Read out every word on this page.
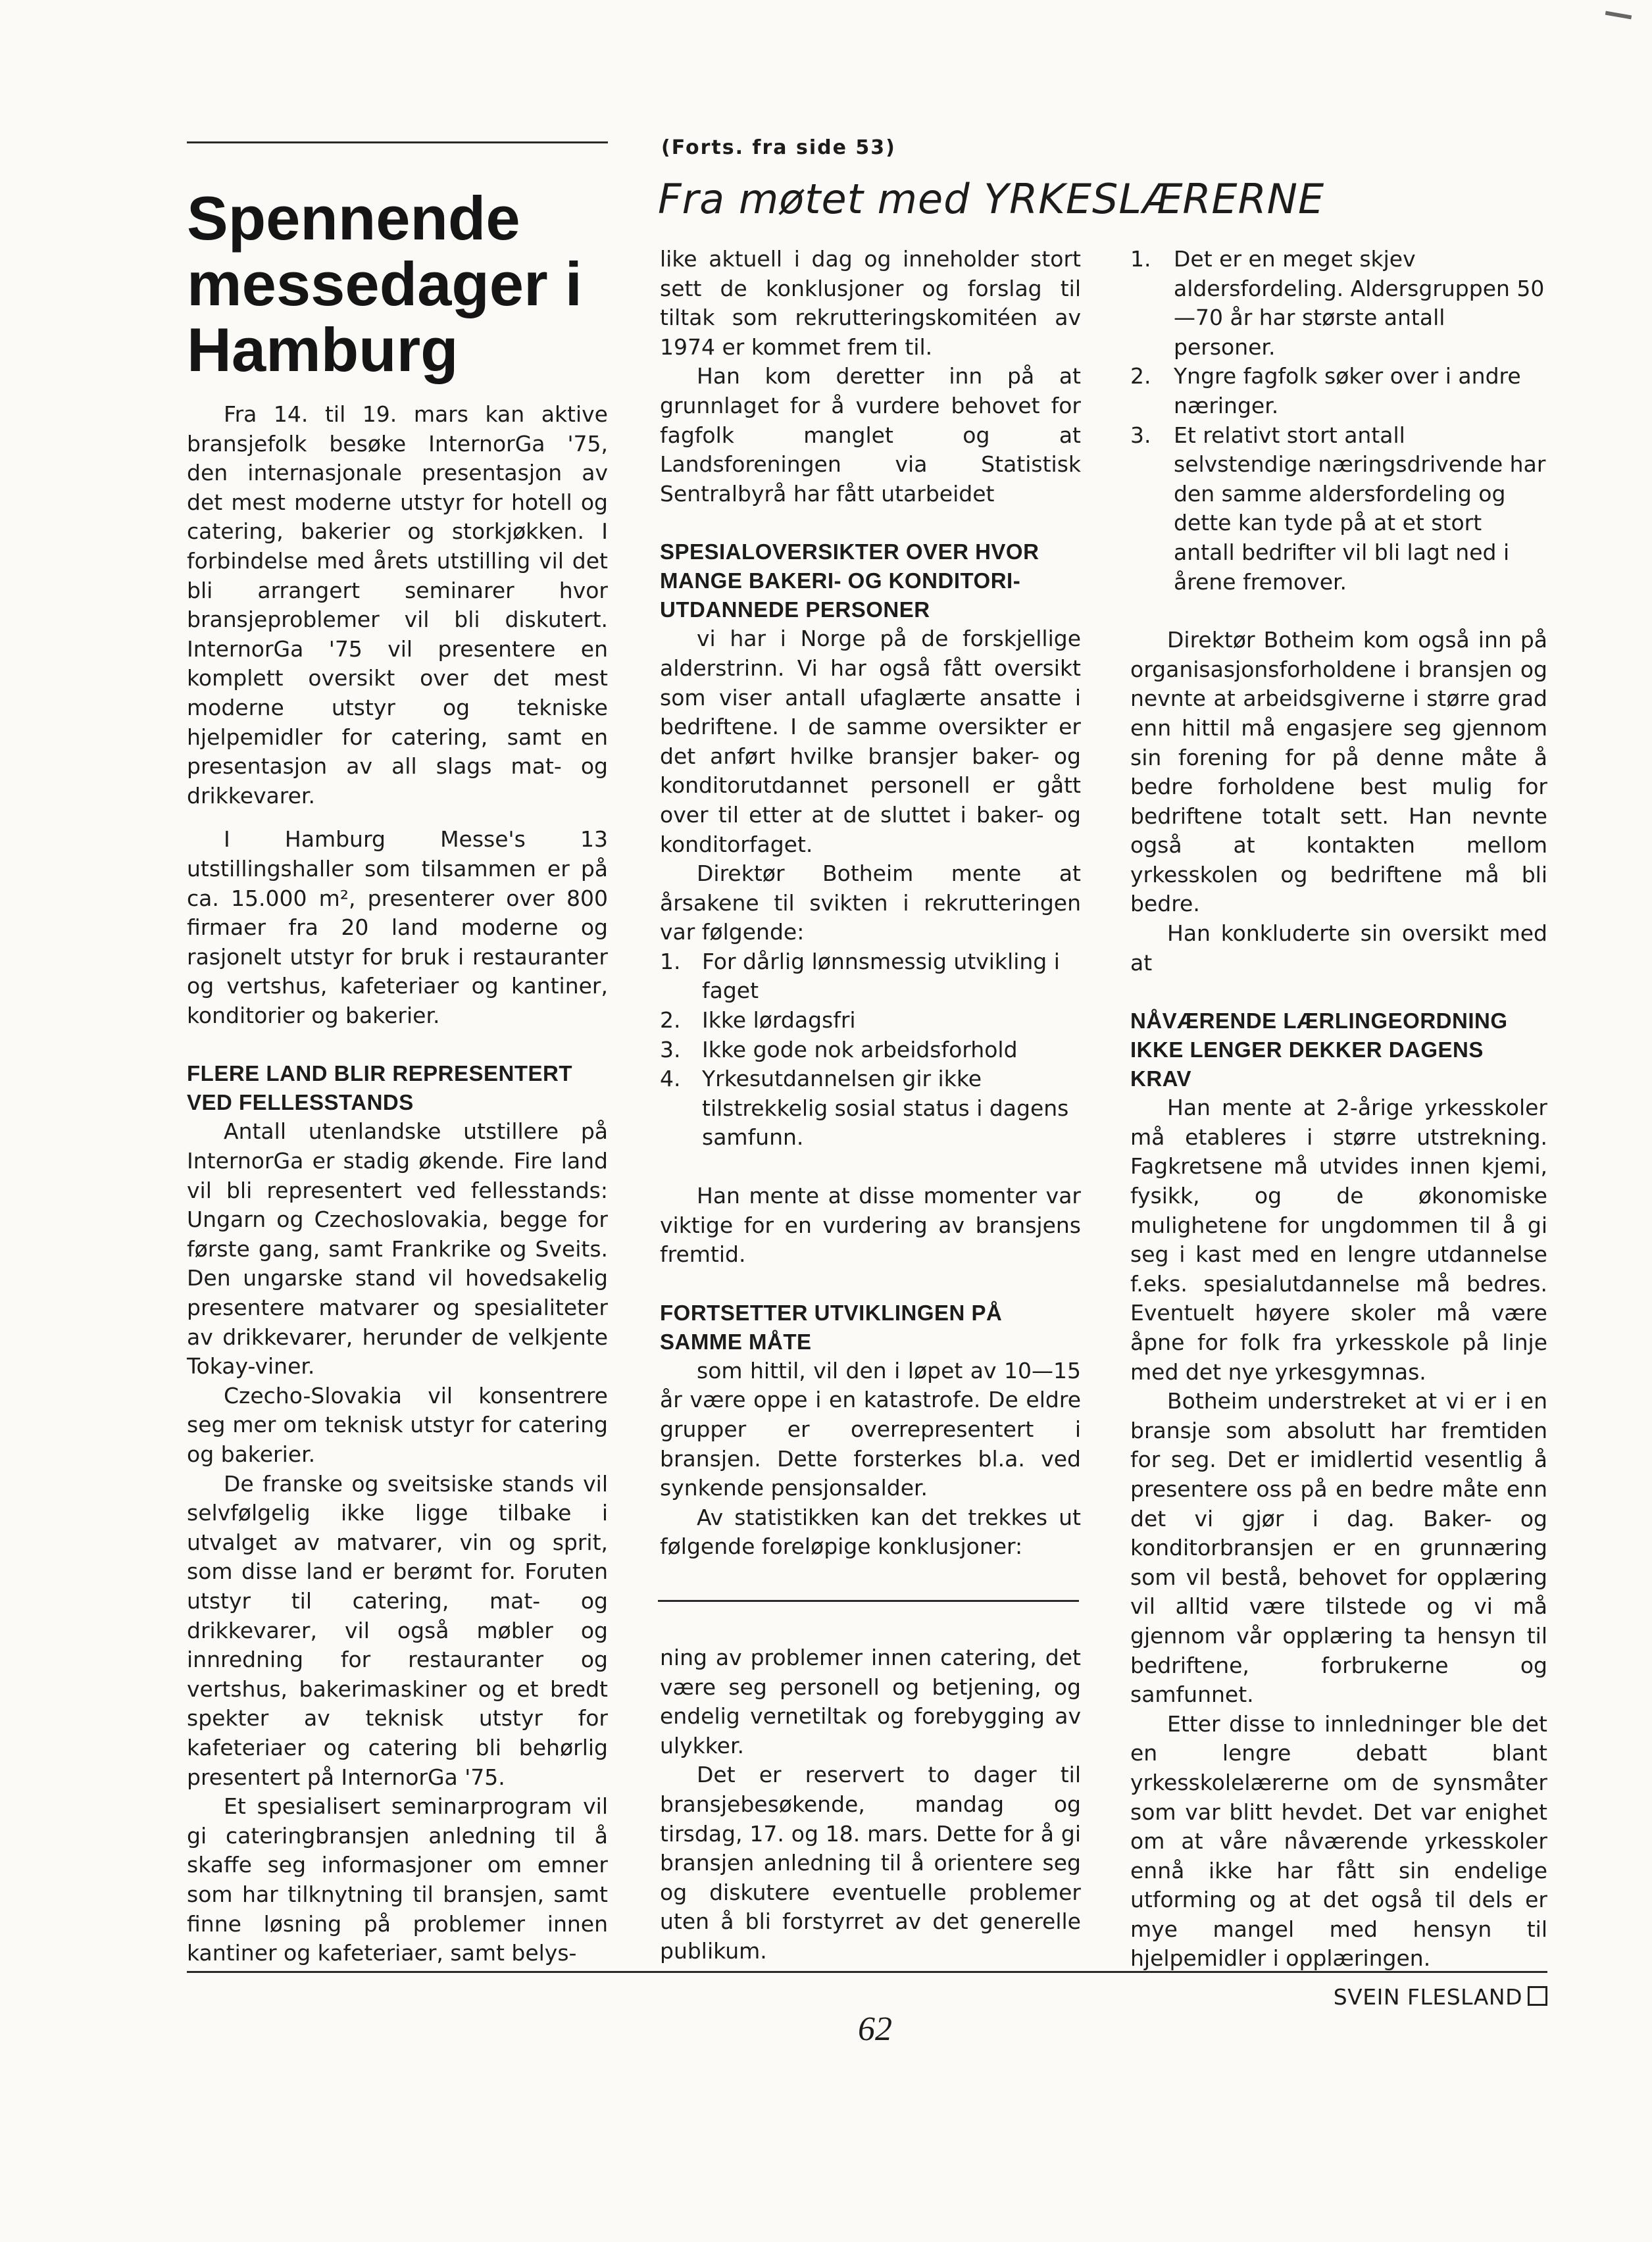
Spennende messedager i Hamburg

Fra 14. til 19. mars kan aktive bransjefolk besøke InternorGa '75, den internasjonale presentasjon av det mest moderne utstyr for hotell og catering, bakerier og storkjøkken. I forbindelse med årets utstilling vil det bli arrangert seminarer hvor bransjeproblemer vil bli diskutert. InternorGa '75 vil presentere en komplett oversikt over det mest moderne utstyr og tekniske hjelpemidler for catering, samt en presentasjon av all slags mat- og drikkevarer.

I Hamburg Messe's 13 utstillingshaller som tilsammen er på ca. 15.000 m², presenterer over 800 firmaer fra 20 land moderne og rasjonelt utstyr for bruk i restauranter og vertshus, kafeteriaer og kantiner, konditorier og bakerier.

FLERE LAND BLIR REPRESENTERT VED FELLESSTANDS

Antall utenlandske utstillere på InternorGa er stadig økende. Fire land vil bli representert ved fellesstands: Ungarn og Czechoslovakia, begge for første gang, samt Frankrike og Sveits. Den ungarske stand vil hovedsakelig presentere matvarer og spesialiteter av drikkevarer, herunder de velkjente Tokay-viner.

Czecho-Slovakia vil konsentrere seg mer om teknisk utstyr for catering og bakerier.

De franske og sveitsiske stands vil selvfølgelig ikke ligge tilbake i utvalget av matvarer, vin og sprit, som disse land er berømt for. Foruten utstyr til catering, mat- og drikkevarer, vil også møbler og innredning for restauranter og vertshus, bakerimaskiner og et bredt spekter av teknisk utstyr for kafeteriaer og catering bli behørlig presentert på InternorGa '75.

Et spesialisert seminarprogram vil gi cateringbransjen anledning til å skaffe seg informasjoner om emner som har tilknytning til bransjen, samt finne løsning på problemer innen kantiner og kafeteriaer, samt belys-

(Forts. fra side 53)
Fra møtet med YRKESLÆRERNE

like aktuell i dag og inneholder stort sett de konklusjoner og forslag til tiltak som rekrutteringskomitéen av 1974 er kommet frem til.

Han kom deretter inn på at grunnlaget for å vurdere behovet for fagfolk manglet og at Landsforeningen via Statistisk Sentralbyrå har fått utarbeidet

SPESIALOVERSIKTER OVER HVOR MANGE BAKERI- OG KONDITORI-UTDANNEDE PERSONER

vi har i Norge på de forskjellige alderstrinn. Vi har også fått oversikt som viser antall ufaglærte ansatte i bedriftene. I de samme oversikter er det anført hvilke bransjer baker- og konditorutdannet personell er gått over til etter at de sluttet i baker- og konditorfaget.

Direktør Botheim mente at årsakene til svikten i rekrutteringen var følgende:

1. For dårlig lønnsmessig utvikling i faget
2. Ikke lørdagsfri
3. Ikke gode nok arbeidsforhold
4. Yrkesutdannelsen gir ikke tilstrekkelig sosial status i dagens samfunn.

Han mente at disse momenter var viktige for en vurdering av bransjens fremtid.

FORTSETTER UTVIKLINGEN PÅ SAMME MÅTE

som hittil, vil den i løpet av 10—15 år være oppe i en katastrofe. De eldre grupper er overrepresentert i bransjen. Dette forsterkes bl.a. ved synkende pensjonsalder.

Av statistikken kan det trekkes ut følgende foreløpige konklusjoner:

ning av problemer innen catering, det være seg personell og betjening, og endelig vernetiltak og forebygging av ulykker.

Det er reservert to dager til bransjebesøkende, mandag og tirsdag, 17. og 18. mars. Dette for å gi bransjen anledning til å orientere seg og diskutere eventuelle problemer uten å bli forstyrret av det generelle publikum.

1.	Det er en meget skjev aldersfordeling. Aldersgruppen 50—70 år har største antall personer.
2.	Yngre fagfolk søker over i andre næringer.
3.	Et relativt stort antall selvstendige næringsdrivende har den samme aldersfordeling og dette kan tyde på at et stort antall bedrifter vil bli lagt ned i årene fremover.

Direktør Botheim kom også inn på organisasjonsforholdene i bransjen og nevnte at arbeidsgiverne i større grad enn hittil må engasjere seg gjennom sin forening for på denne måte å bedre forholdene best mulig for bedriftene totalt sett. Han nevnte også at kontakten mellom yrkesskolen og bedriftene må bli bedre.

Han konkluderte sin oversikt med at

NÅVÆRENDE LÆRLINGEORDNING IKKE LENGER DEKKER DAGENS KRAV

Han mente at 2-årige yrkesskoler må etableres i større utstrekning. Fagkretsene må utvides innen kjemi, fysikk, og de økonomiske mulighetene for ungdommen til å gi seg i kast med en lengre utdannelse f.eks. spesialutdannelse må bedres. Eventuelt høyere skoler må være åpne for folk fra yrkesskole på linje med det nye yrkesgymnas.

Botheim understreket at vi er i en bransje som absolutt har fremtiden for seg. Det er imidlertid vesentlig å presentere oss på en bedre måte enn det vi gjør i dag. Baker- og konditorbransjen er en grunnæring som vil bestå, behovet for opplæring vil alltid være tilstede og vi må gjennom vår opplæring ta hensyn til bedriftene, forbrukerne og samfunnet.

Etter disse to innledninger ble det en lengre debatt blant yrkesskolelærerne om de synsmåter som var blitt hevdet. Det var enighet om at våre nåværende yrkesskoler ennå ikke har fått sin endelige utforming og at det også til dels er mye mangel med hensyn til hjelpemidler i opplæringen.

SVEIN FLESLAND
62
